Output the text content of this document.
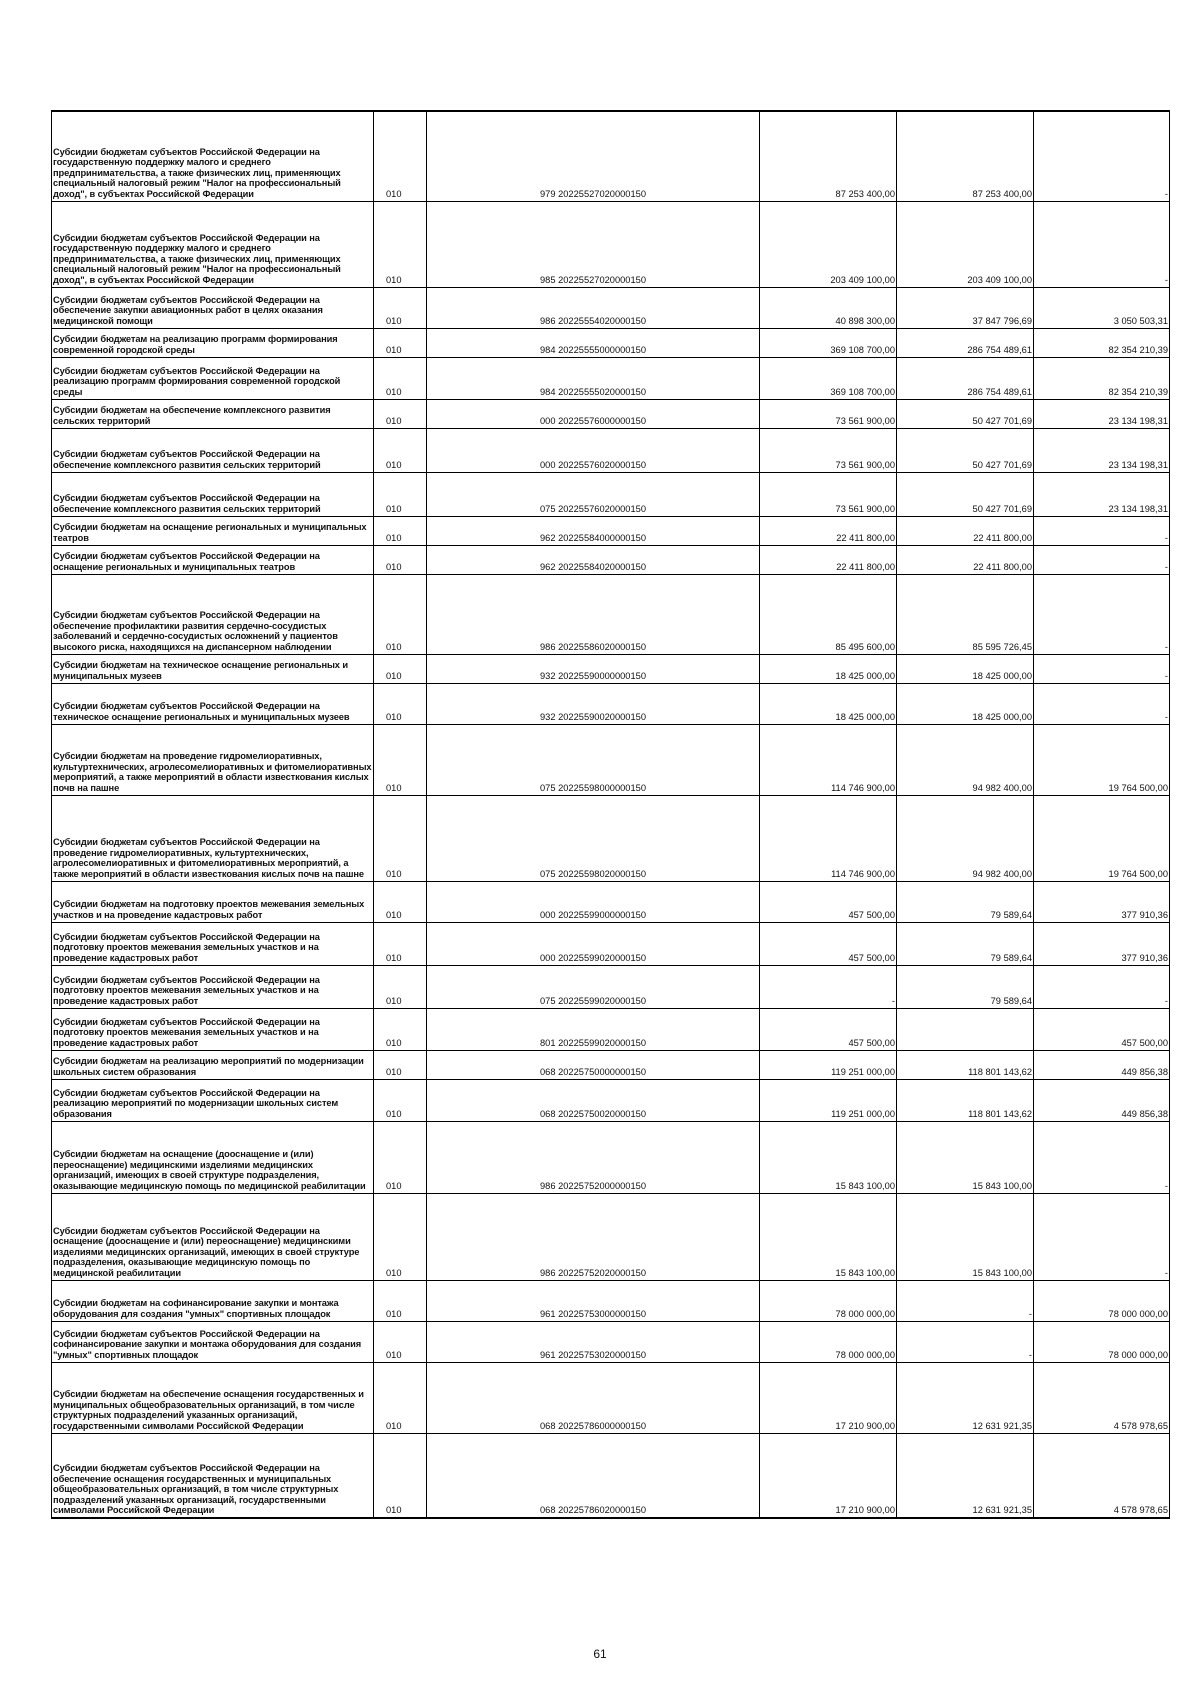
Субсидии бюджетам субъектов Российской Федерации на государственную поддержку малого и среднего предпринимательства, а также физических лиц, применяющих специальный налоговый режим "Налог на профессиональный доход", в субъектах Российской Федерации	010	979 20225527020000150	87 253 400,00	87 253 400,00	-
Субсидии бюджетам субъектов Российской Федерации на государственную поддержку малого и среднего предпринимательства, а также физических лиц, применяющих специальный налоговый режим "Налог на профессиональный доход", в субъектах Российской Федерации	010	985 20225527020000150	203 409 100,00	203 409 100,00	-
Субсидии бюджетам субъектов Российской Федерации на обеспечение закупки авиационных работ в целях оказания медицинской помощи	010	986 20225554020000150	40 898 300,00	37 847 796,69	3 050 503,31
Субсидии бюджетам на реализацию программ формирования современной городской среды	010	984 20225555000000150	369 108 700,00	286 754 489,61	82 354 210,39
Субсидии бюджетам субъектов Российской Федерации на реализацию программ формирования современной городской среды	010	984 20225555020000150	369 108 700,00	286 754 489,61	82 354 210,39
Субсидии бюджетам на обеспечение комплексного развития сельских территорий	010	000 20225576000000150	73 561 900,00	50 427 701,69	23 134 198,31
Субсидии бюджетам субъектов Российской Федерации на обеспечение комплексного развития сельских территорий	010	000 20225576020000150	73 561 900,00	50 427 701,69	23 134 198,31
Субсидии бюджетам субъектов Российской Федерации на обеспечение комплексного развития сельских территорий	010	075 20225576020000150	73 561 900,00	50 427 701,69	23 134 198,31
Субсидии бюджетам на оснащение региональных и муниципальных театров	010	962 20225584000000150	22 411 800,00	22 411 800,00	-
Субсидии бюджетам субъектов Российской Федерации на оснащение региональных и муниципальных театров	010	962 20225584020000150	22 411 800,00	22 411 800,00	-
Субсидии бюджетам субъектов Российской Федерации на обеспечение профилактики развития сердечно-сосудистых заболеваний и сердечно-сосудистых осложнений у пациентов высокого риска, находящихся на диспансерном наблюдении	010	986 20225586020000150	85 495 600,00	85 595 726,45	-
Субсидии бюджетам на техническое оснащение региональных и муниципальных музеев	010	932 20225590000000150	18 425 000,00	18 425 000,00	-
Субсидии бюджетам субъектов Российской Федерации на техническое оснащение региональных и муниципальных музеев	010	932 20225590020000150	18 425 000,00	18 425 000,00	-
Субсидии бюджетам на проведение гидромелиоративных, культуртехнических, агролесомелиоративных и фитомелиоративных мероприятий, а также мероприятий в области известкования кислых почв на пашне	010	075 20225598000000150	114 746 900,00	94 982 400,00	19 764 500,00
Субсидии бюджетам субъектов Российской Федерации на проведение гидромелиоративных, культуртехнических, агролесомелиоративных и фитомелиоративных мероприятий, а также мероприятий в области известкования кислых почв на пашне	010	075 20225598020000150	114 746 900,00	94 982 400,00	19 764 500,00
Субсидии бюджетам на подготовку проектов межевания земельных участков и на проведение кадастровых работ	010	000 20225599000000150	457 500,00	79 589,64	377 910,36
Субсидии бюджетам субъектов Российской Федерации на подготовку проектов межевания земельных участков и на проведение кадастровых работ	010	000 20225599020000150	457 500,00	79 589,64	377 910,36
Субсидии бюджетам субъектов Российской Федерации на подготовку проектов межевания земельных участков и на проведение кадастровых работ	010	075 20225599020000150	-	79 589,64	-
Субсидии бюджетам субъектов Российской Федерации на подготовку проектов межевания земельных участков и на проведение кадастровых работ	010	801 20225599020000150	457 500,00		457 500,00
Субсидии бюджетам на реализацию мероприятий по модернизации школьных систем образования	010	068 20225750000000150	119 251 000,00	118 801 143,62	449 856,38
Субсидии бюджетам субъектов Российской Федерации на реализацию мероприятий по модернизации школьных систем образования	010	068 20225750020000150	119 251 000,00	118 801 143,62	449 856,38
Субсидии бюджетам на оснащение (дооснащение и (или) переоснащение) медицинскими изделиями медицинских организаций, имеющих в своей структуре подразделения, оказывающие медицинскую помощь по медицинской реабилитации	010	986 20225752000000150	15 843 100,00	15 843 100,00	-
Субсидии бюджетам субъектов Российской Федерации на оснащение (дооснащение и (или) переоснащение) медицинскими изделиями медицинских организаций, имеющих в своей структуре подразделения, оказывающие медицинскую помощь по медицинской реабилитации	010	986 20225752020000150	15 843 100,00	15 843 100,00	-
Субсидии бюджетам на софинансирование закупки и монтажа оборудования для создания "умных" спортивных площадок	010	961 20225753000000150	78 000 000,00	-	78 000 000,00
Субсидии бюджетам субъектов Российской Федерации на софинансирование закупки и монтажа оборудования для создания "умных" спортивных площадок	010	961 20225753020000150	78 000 000,00	-	78 000 000,00
Субсидии бюджетам на обеспечение оснащения государственных и муниципальных общеобразовательных организаций, в том числе структурных подразделений указанных организаций, государственными символами Российской Федерации	010	068 20225786000000150	17 210 900,00	12 631 921,35	4 578 978,65
Субсидии бюджетам субъектов Российской Федерации на обеспечение оснащения государственных и муниципальных общеобразовательных организаций, в том числе структурных подразделений указанных организаций, государственными символами Российской Федерации	010	068 20225786020000150	17 210 900,00	12 631 921,35	4 578 978,65
61
